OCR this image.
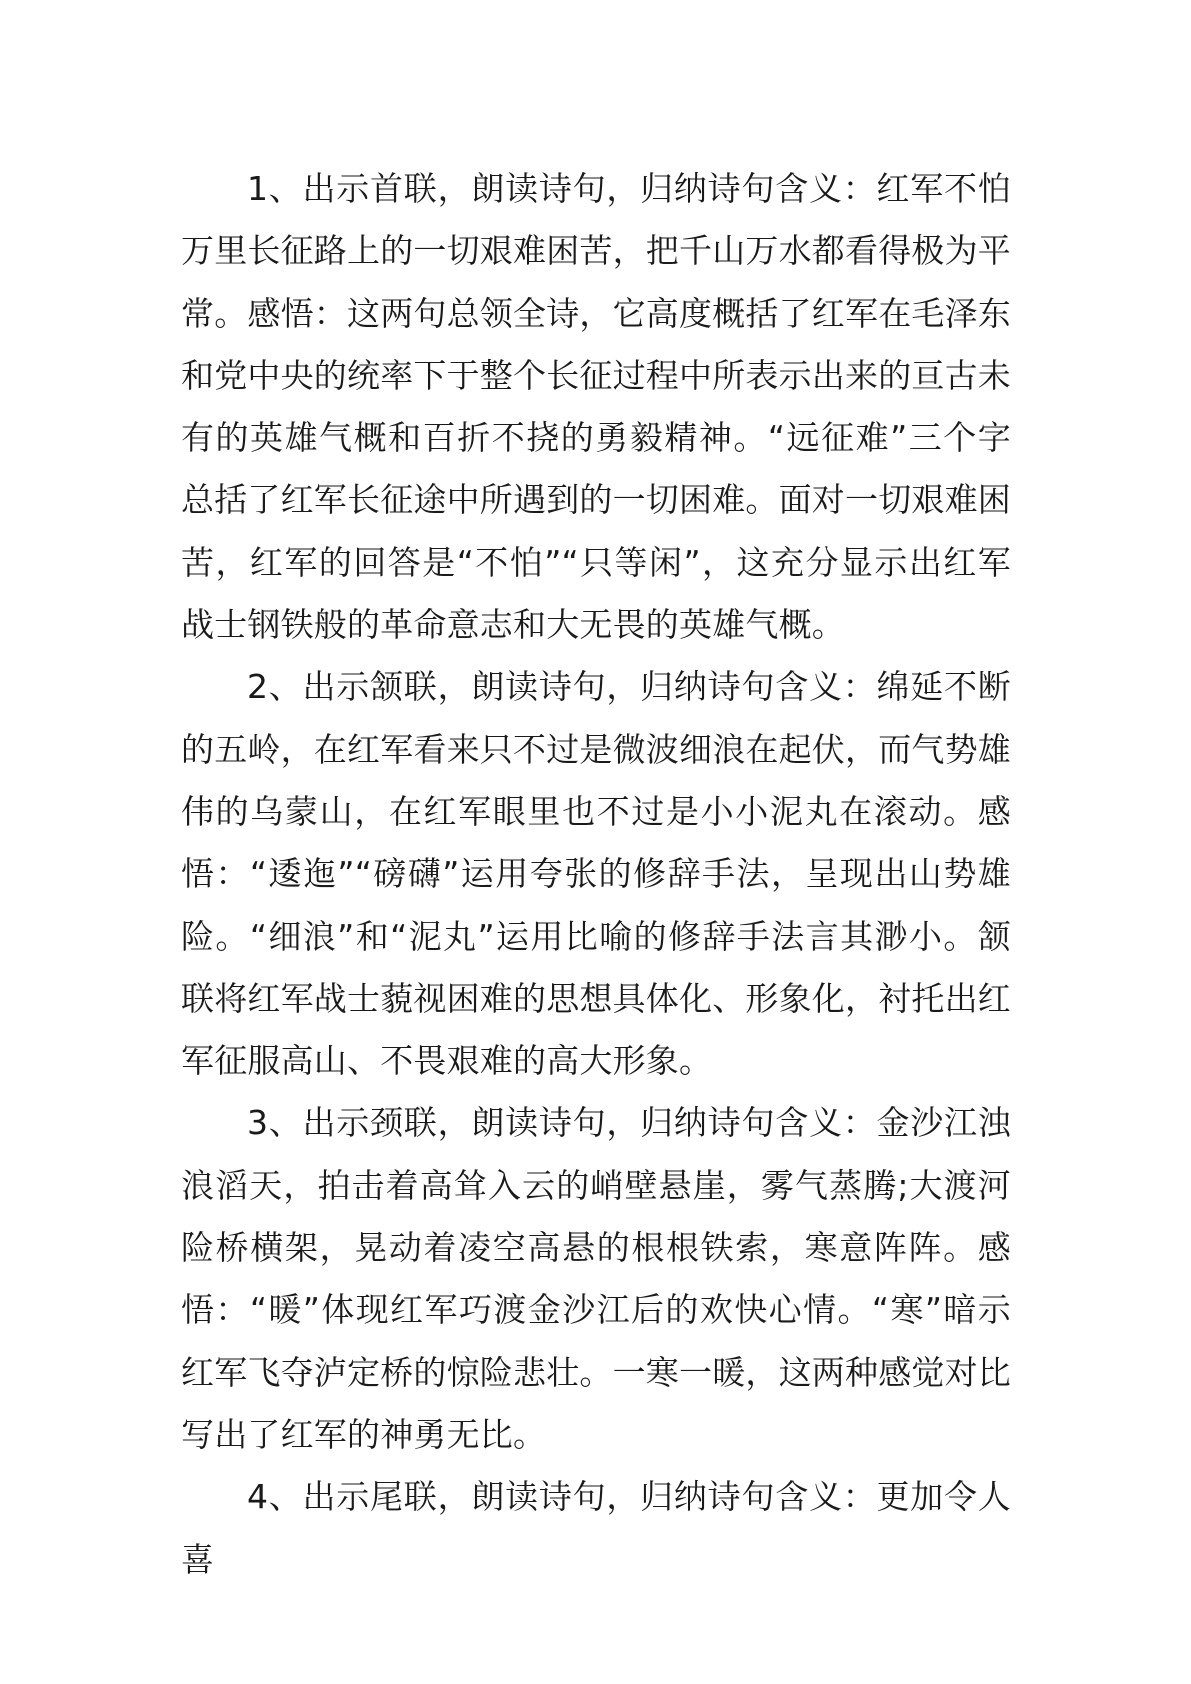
1、出示首联，朗读诗句，归纳诗句含义：红军不怕万里长征路上的一切艰难困苦，把千山万水都看得极为平常。感悟：这两句总领全诗，它高度概括了红军在毛泽东和党中央的统率下于整个长征过程中所表示出来的亘古未有的英雄气概和百折不挠的勇毅精神。“远征难”三个字总括了红军长征途中所遇到的一切困难。面对一切艰难困苦，红军的回答是“不怕”“只等闲”，这充分显示出红军战士钢铁般的革命意志和大无畏的英雄气概。

2、出示颔联，朗读诗句，归纳诗句含义：绵延不断的五岭，在红军看来只不过是微波细浪在起伏，而气势雄伟的乌蒙山，在红军眼里也不过是小小泥丸在滚动。感悟：“逶迤”“磅礴”运用夸张的修辞手法，呈现出山势雄险。“细浪”和“泥丸”运用比喻的修辞手法言其渺小。颔联将红军战士藐视困难的思想具体化、形象化，衬托出红军征服高山、不畏艰难的高大形象。

3、出示颈联，朗读诗句，归纳诗句含义：金沙江浊浪滔天，拍击着高耸入云的峭壁悬崖，雾气蒸腾;大渡河险桥横架，晃动着凌空高悬的根根铁索，寒意阵阵。感悟：“暖”体现红军巧渡金沙江后的欢快心情。“寒”暗示红军飞夺泸定桥的惊险悲壮。一寒一暖，这两种感觉对比写出了红军的神勇无比。

4、出示尾联，朗读诗句，归纳诗句含义：更加令人喜
